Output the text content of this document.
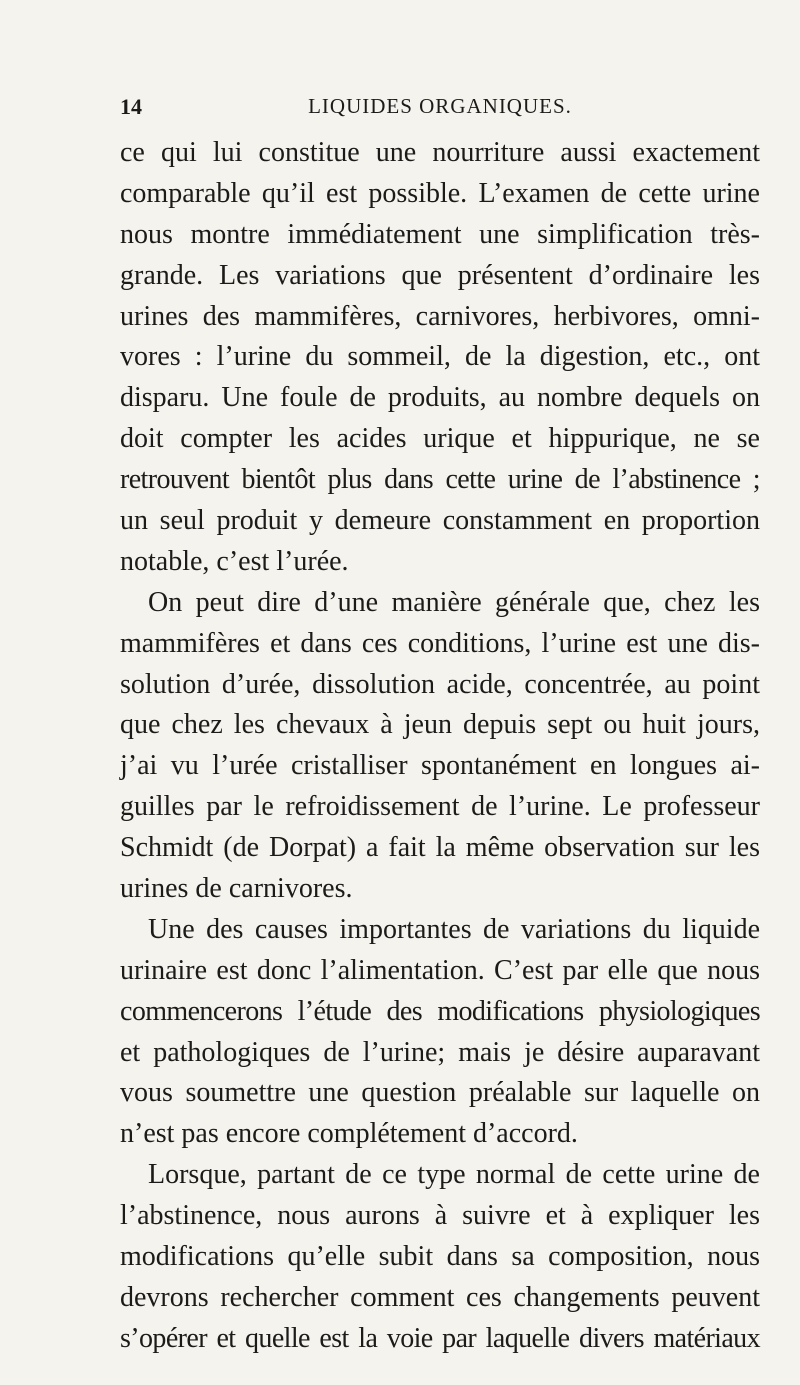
14	LIQUIDES ORGANIQUES.
ce qui lui constitue une nourriture aussi exactement
comparable qu’il est possible. L’examen de cette urine
nous montre immédiatement une simplification très-
grande. Les variations que présentent d’ordinaire les
urines des mammifères, carnivores, herbivores, omni-
vores : l’urine du sommeil, de la digestion, etc., ont
disparu. Une foule de produits, au nombre dequels on
doit compter les acides urique et hippurique, ne se
retrouvent bientôt plus dans cette urine de l’abstinence ;
un seul produit y demeure constamment en proportion
notable, c’est l’urée.
On peut dire d’une manière générale que, chez les
mammifères et dans ces conditions, l’urine est une dis-
solution d’urée, dissolution acide, concentrée, au point
que chez les chevaux à jeun depuis sept ou huit jours,
j’ai vu l’urée cristalliser spontanément en longues ai-
guilles par le refroidissement de l’urine. Le professeur
Schmidt (de Dorpat) a fait la même observation sur les
urines de carnivores.
Une des causes importantes de variations du liquide
urinaire est donc l’alimentation. C’est par elle que nous
commencerons l’étude des modifications physiologiques
et pathologiques de l’urine; mais je désire auparavant
vous soumettre une question préalable sur laquelle on
n’est pas encore complétement d’accord.
Lorsque, partant de ce type normal de cette urine de
l’abstinence, nous aurons à suivre et à expliquer les
modifications qu’elle subit dans sa composition, nous
devrons rechercher comment ces changements peuvent
s’opérer et quelle est la voie par laquelle divers matériaux
